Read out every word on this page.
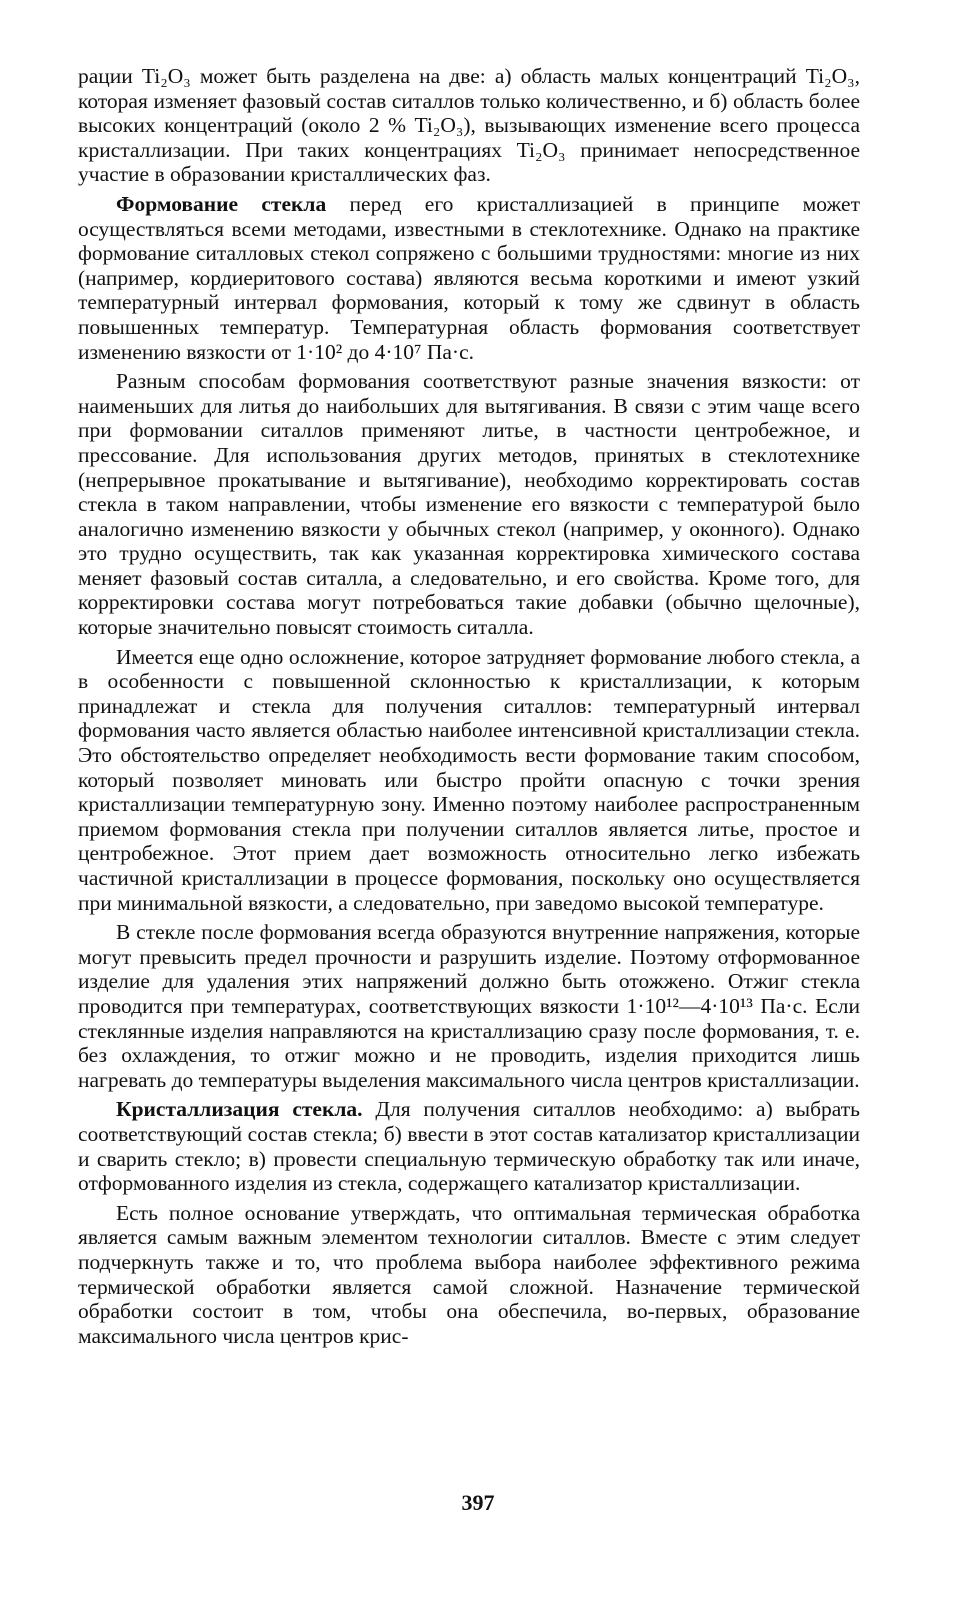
рации Ti₂O₃ может быть разделена на две: а) область малых концентраций Ti₂O₃, которая изменяет фазовый состав ситаллов только количественно, и б) область более высоких концентраций (около 2 % Ti₂O₃), вызывающих изменение всего процесса кристаллизации. При таких концентрациях Ti₂O₃ принимает непосредственное участие в образовании кристаллических фаз.

Формование стекла перед его кристаллизацией в принципе может осуществляться всеми методами, известными в стеклотехнике. Однако на практике формование ситалловых стекол сопряжено с большими трудностями: многие из них (например, кордиеритового состава) являются весьма короткими и имеют узкий температурный интервал формования, который к тому же сдвинут в область повышенных температур. Температурная область формования соответствует изменению вязкости от 1·10² до 4·10⁷ Па·с.

Разным способам формования соответствуют разные значения вязкости: от наименьших для литья до наибольших для вытягивания. В связи с этим чаще всего при формовании ситаллов применяют литье, в частности центробежное, и прессование. Для использования других методов, принятых в стеклотехнике (непрерывное прокатывание и вытягивание), необходимо корректировать состав стекла в таком направлении, чтобы изменение его вязкости с температурой было аналогично изменению вязкости у обычных стекол (например, у оконного). Однако это трудно осуществить, так как указанная корректировка химического состава меняет фазовый состав ситалла, а следовательно, и его свойства. Кроме того, для корректировки состава могут потребоваться такие добавки (обычно щелочные), которые значительно повысят стоимость ситалла.

Имеется еще одно осложнение, которое затрудняет формование любого стекла, а в особенности с повышенной склонностью к кристаллизации, к которым принадлежат и стекла для получения ситаллов: температурный интервал формования часто является областью наиболее интенсивной кристаллизации стекла. Это обстоятельство определяет необходимость вести формование таким способом, который позволяет миновать или быстро пройти опасную с точки зрения кристаллизации температурную зону. Именно поэтому наиболее распространенным приемом формования стекла при получении ситаллов является литье, простое и центробежное. Этот прием дает возможность относительно легко избежать частичной кристаллизации в процессе формования, поскольку оно осуществляется при минимальной вязкости, а следовательно, при заведомо высокой температуре.

В стекле после формования всегда образуются внутренние напряжения, которые могут превысить предел прочности и разрушить изделие. Поэтому отформованное изделие для удаления этих напряжений должно быть отожжено. Отжиг стекла проводится при температурах, соответствующих вязкости 1·10¹²—4·10¹³ Па·с. Если стеклянные изделия направляются на кристаллизацию сразу после формования, т. е. без охлаждения, то отжиг можно и не проводить, изделия приходится лишь нагревать до температуры выделения максимального числа центров кристаллизации.

Кристаллизация стекла. Для получения ситаллов необходимо: а) выбрать соответствующий состав стекла; б) ввести в этот состав катализатор кристаллизации и сварить стекло; в) провести специальную термическую обработку так или иначе, отформованного изделия из стекла, содержащего катализатор кристаллизации.

Есть полное основание утверждать, что оптимальная термическая обработка является самым важным элементом технологии ситаллов. Вместе с этим следует подчеркнуть также и то, что проблема выбора наиболее эффективного режима термической обработки является самой сложной. Назначение термической обработки состоит в том, чтобы она обеспечила, во-первых, образование максимального числа центров крис-

397
